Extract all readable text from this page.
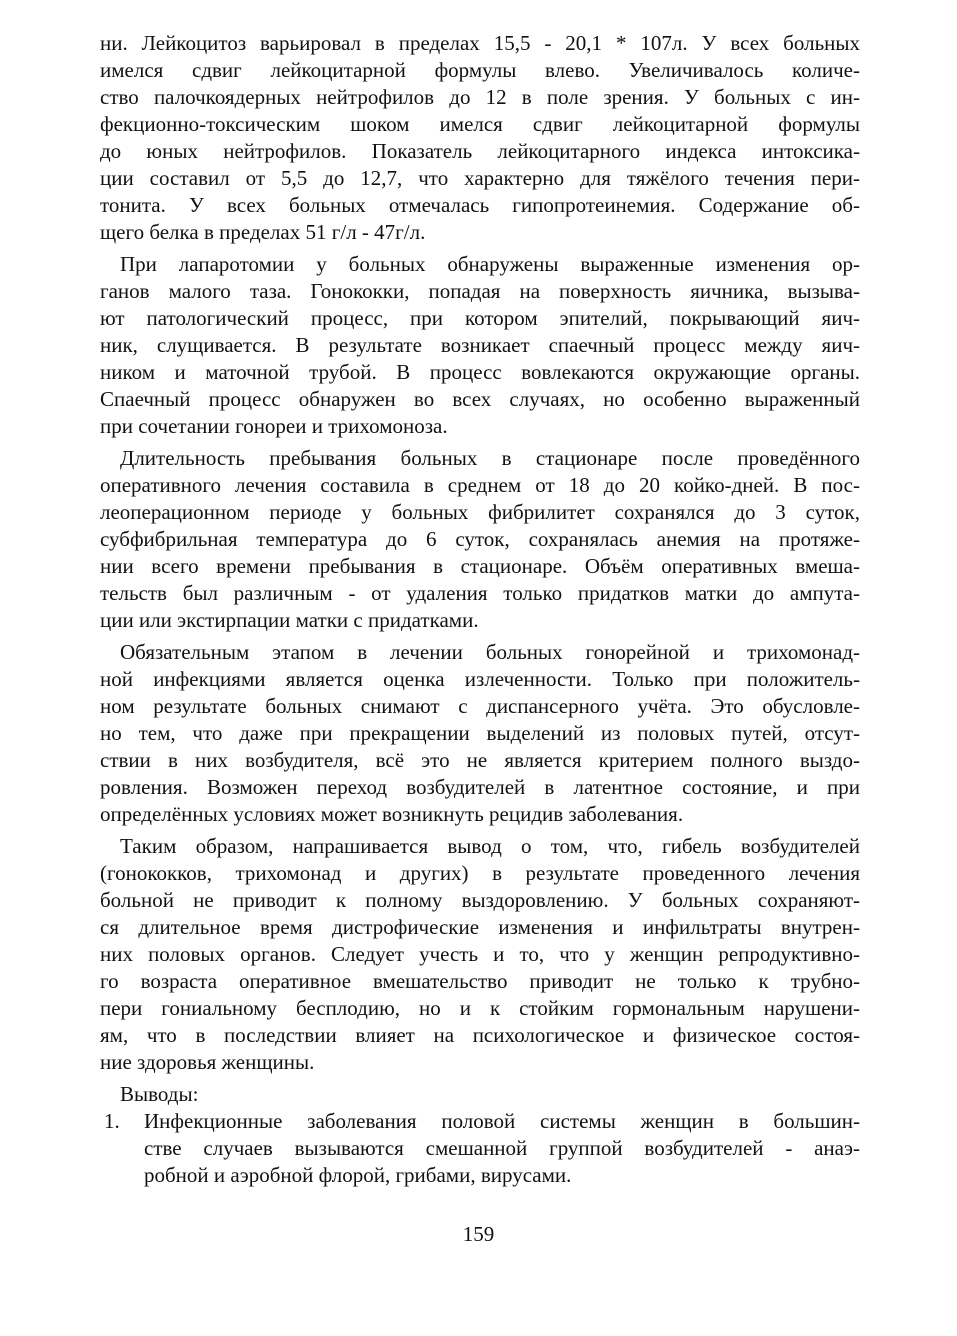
ни. Лейкоцитоз варьировал в пределах 15,5 - 20,1 * 107л. У всех больных
имелся сдвиг лейкоцитарной формулы влево. Увеличивалось количе-
ство палочкоядерных нейтрофилов до 12 в поле зрения. У больных с ин-
фекционно-токсическим шоком имелся сдвиг лейкоцитарной формулы
до юных нейтрофилов. Показатель лейкоцитарного индекса интоксика-
ции составил от 5,5 до 12,7, что характерно для тяжёлого течения пери-
тонита. У всех больных отмечалась гипопротеинемия. Содержание об-
щего белка в пределах 51 г/л - 47г/л.
При лапаротомии у больных обнаружены выраженные изменения ор-
ганов малого таза. Гонококки, попадая на поверхность яичника, вызыва-
ют патологический процесс, при котором эпителий, покрывающий яич-
ник, слущивается. В результате возникает спаечный процесс между яич-
ником и маточной трубой. В процесс вовлекаются окружающие органы.
Спаечный процесс обнаружен во всех случаях, но особенно выраженный
при сочетании гонореи и трихомоноза.
Длительность пребывания больных в стационаре после проведённого
оперативного лечения составила в среднем от 18 до 20 койко-дней. В пос-
леоперационном периоде у больных фибрилитет сохранялся до 3 суток,
субфибрильная температура до 6 суток, сохранялась анемия на протяже-
нии всего времени пребывания в стационаре. Объём оперативных вмеша-
тельств был различным - от удаления только придатков матки до ампута-
ции или экстирпации матки с придатками.
Обязательным этапом в лечении больных гонорейной и трихомонад-
ной инфекциями является оценка излеченности. Только при положитель-
ном результате больных снимают с диспансерного учёта. Это обусловле-
но тем, что даже при прекращении выделений из половых путей, отсут-
ствии в них возбудителя, всё это не является критерием полного выздо-
ровления. Возможен переход возбудителей в латентное состояние, и при
определённых условиях может возникнуть рецидив заболевания.
Таким образом, напрашивается вывод о том, что, гибель возбудителей
(гонококков, трихомонад и других) в результате проведенного лечения
больной не приводит к полному выздоровлению. У больных сохраняют-
ся длительное время дистрофические изменения и инфильтраты внутрен-
них половых органов. Следует учесть и то, что у женщин репродуктивно-
го возраста оперативное вмешательство приводит не только к трубно-
пери гониальному бесплодию, но и к стойким гормональным нарушени-
ям, что в последствии влияет на психологическое и физическое состоя-
ние здоровья женщины.
Выводы:
1. Инфекционные заболевания половой системы женщин в большин-
стве случаев вызываются смешанной группой возбудителей - анаэ-
робной и аэробной флорой, грибами, вирусами.
159
